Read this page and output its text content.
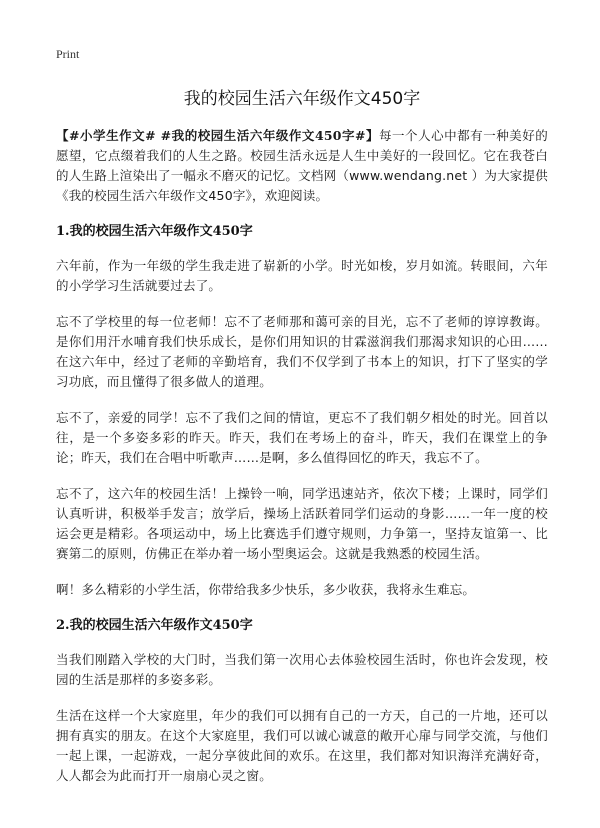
Print
我的校园生活六年级作文450字

【#小学生作文# #我的校园生活六年级作文450字#】每一个人心中都有一种美好的愿望，它点缀着我们的人生之路。校园生活永远是人生中美好的一段回忆。它在我苍白的人生路上渲染出了一幅永不磨灭的记忆。文档网（www.wendang.net ）为大家提供《我的校园生活六年级作文450字》，欢迎阅读。

1.我的校园生活六年级作文450字

六年前，作为一年级的学生我走进了崭新的小学。时光如梭，岁月如流。转眼间，六年的小学学习生活就要过去了。

忘不了学校里的每一位老师！忘不了老师那和蔼可亲的目光，忘不了老师的谆谆教诲。是你们用汗水哺育我们快乐成长，是你们用知识的甘霖滋润我们那渴求知识的心田……在这六年中，经过了老师的辛勤培育，我们不仅学到了书本上的知识，打下了坚实的学习功底，而且懂得了很多做人的道理。

忘不了，亲爱的同学！忘不了我们之间的情谊，更忘不了我们朝夕相处的时光。回首以往，是一个多姿多彩的昨天。昨天，我们在考场上的奋斗，昨天，我们在课堂上的争论；昨天，我们在合唱中听歌声……是啊，多么值得回忆的昨天，我忘不了。

忘不了，这六年的校园生活！上操铃一响，同学迅速站齐，依次下楼；上课时，同学们认真听讲，积极举手发言；放学后，操场上活跃着同学们运动的身影……一年一度的校运会更是精彩。各项运动中，场上比赛选手们遵守规则，力争第一，坚持友谊第一、比赛第二的原则，仿佛正在举办着一场小型奥运会。这就是我熟悉的校园生活。

啊！多么精彩的小学生活，你带给我多少快乐，多少收获，我将永生难忘。

2.我的校园生活六年级作文450字

当我们刚踏入学校的大门时，当我们第一次用心去体验校园生活时，你也许会发现，校园的生活是那样的多姿多彩。

生活在这样一个大家庭里，年少的我们可以拥有自己的一方天，自己的一片地，还可以拥有真实的朋友。在这个大家庭里，我们可以诚心诚意的敞开心扉与同学交流，与他们一起上课，一起游戏，一起分享彼此间的欢乐。在这里，我们都对知识海洋充满好奇，人人都会为此而打开一扇扇心灵之窗。
